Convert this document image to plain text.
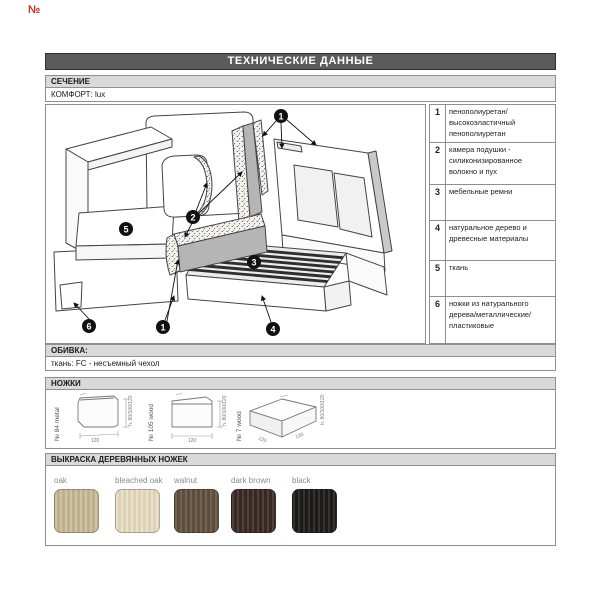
№
ТЕХНИЧЕСКИЕ ДАННЫЕ
СЕЧЕНИЕ
КОМФОРТ: lux
1
2
5
3
6	1	4
1	пенополиуретан/ высокоэластичный пенополиуретан
2	камера подушки - силиконизированное волокно и пух
3	мебельные ремни
4	натуральное дерево и древесные материалы
5	ткань
6	ножки из натурального дерева/металлические/пластиковые
ОБИВКА:
ткань: FC - несъемный чехол
НОЖКИ
№ 84 metal	120
h. 80/100/120 № 105 wood	120
h. 80/100/120
№ 7 wood	120	120
h. 80/100/120
ВЫКРАСКА ДЕРЕВЯННЫХ НОЖЕК
oak	bleached oak	walnut	dark brown	black
